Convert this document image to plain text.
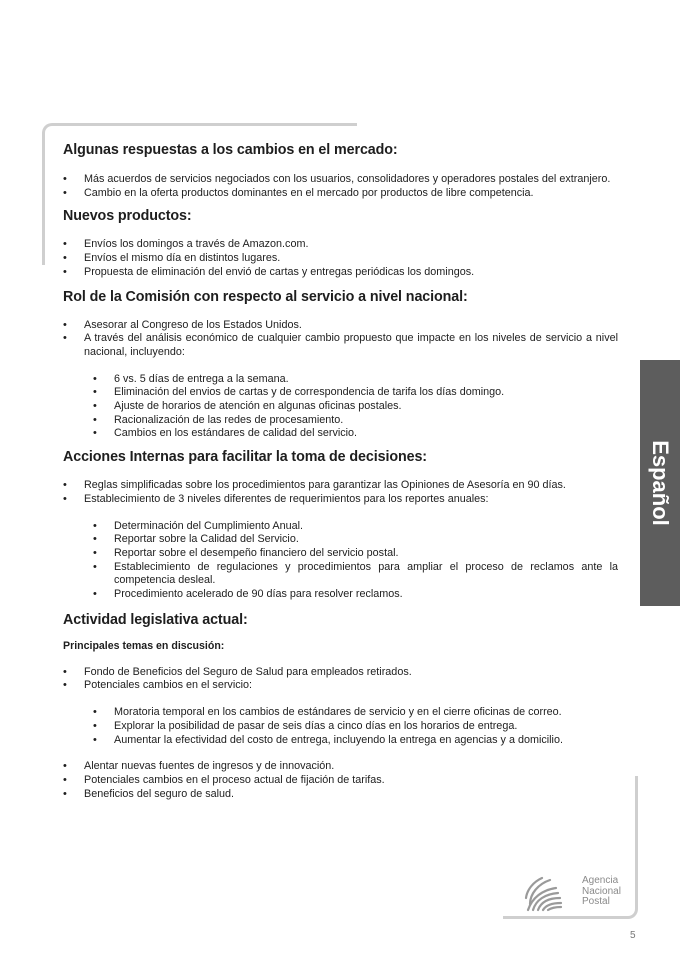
Algunas respuestas a los cambios en el mercado:
• Más acuerdos de servicios negociados con los usuarios, consolidadores y operadores postales del extranjero.
• Cambio en la oferta productos dominantes en el mercado por productos de libre competencia.
Nuevos productos:
• Envíos los domingos a través de Amazon.com.
• Envíos el mismo día en distintos lugares.
• Propuesta de eliminación del envió de cartas y entregas periódicas los domingos.
Rol de la Comisión con respecto al servicio a nivel nacional:
• Asesorar al Congreso de los Estados Unidos.
• A través del análisis económico de cualquier cambio propuesto que impacte en los niveles de servicio a nivel nacional, incluyendo:
• 6 vs. 5 días de entrega a la semana.
• Eliminación del envios de cartas y de correspondencia de tarifa los días domingo.
• Ajuste de horarios de atención en algunas oficinas postales.
• Racionalización de las redes de procesamiento.
• Cambios en los estándares de calidad del servicio.
Acciones Internas para facilitar la toma de decisiones:
• Reglas simplificadas sobre los procedimientos para garantizar las Opiniones de Asesoría en 90 días.
• Establecimiento de 3 niveles diferentes de requerimientos para los reportes anuales:
• Determinación del Cumplimiento Anual.
• Reportar sobre la Calidad del Servicio.
• Reportar sobre el desempeño financiero del servicio postal.
• Establecimiento de regulaciones y procedimientos para ampliar el proceso de reclamos ante la competencia desleal.
• Procedimiento acelerado de 90 días para resolver reclamos.
Actividad legislativa actual:

Principales temas en discusión:

• Fondo de Beneficios del Seguro de Salud para empleados retirados.
• Potenciales cambios en el servicio:
• Moratoria temporal en los cambios de estándares de servicio y en el cierre oficinas de correo.
• Explorar la posibilidad de pasar de seis días a cinco días en los horarios de entrega.
• Aumentar la efectividad del costo de entrega, incluyendo la entrega en agencias y a domicilio.
• Alentar nuevas fuentes de ingresos y de innovación.
• Potenciales cambios en el proceso actual de fijación de tarifas.
• Beneficios del seguro de salud.
Español
Agencia
Nacional
Postal
5
